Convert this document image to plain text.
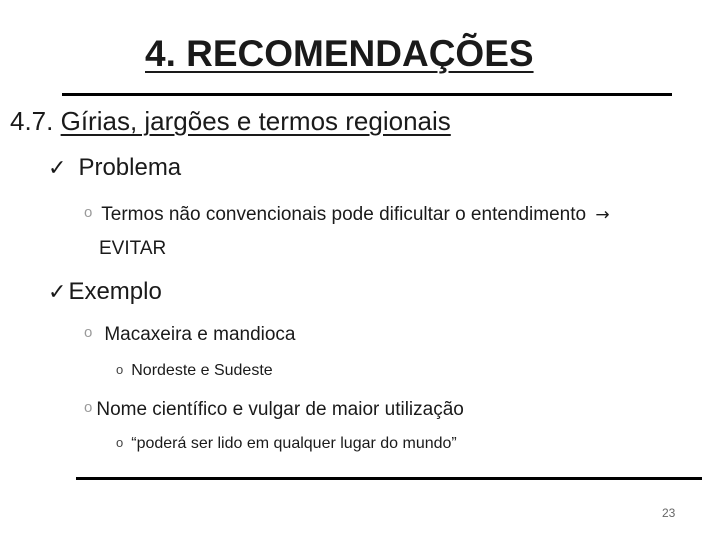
4. RECOMENDAÇÕES
4.7. Gírias, jargões e termos regionais
✓ Problema
o Termos não convencionais pode dificultar o entendimento →
EVITAR
✓Exemplo
o Macaxeira e mandioca
o Nordeste e Sudeste
o Nome científico e vulgar de maior utilização
o “poderá ser lido em qualquer lugar do mundo”
23
